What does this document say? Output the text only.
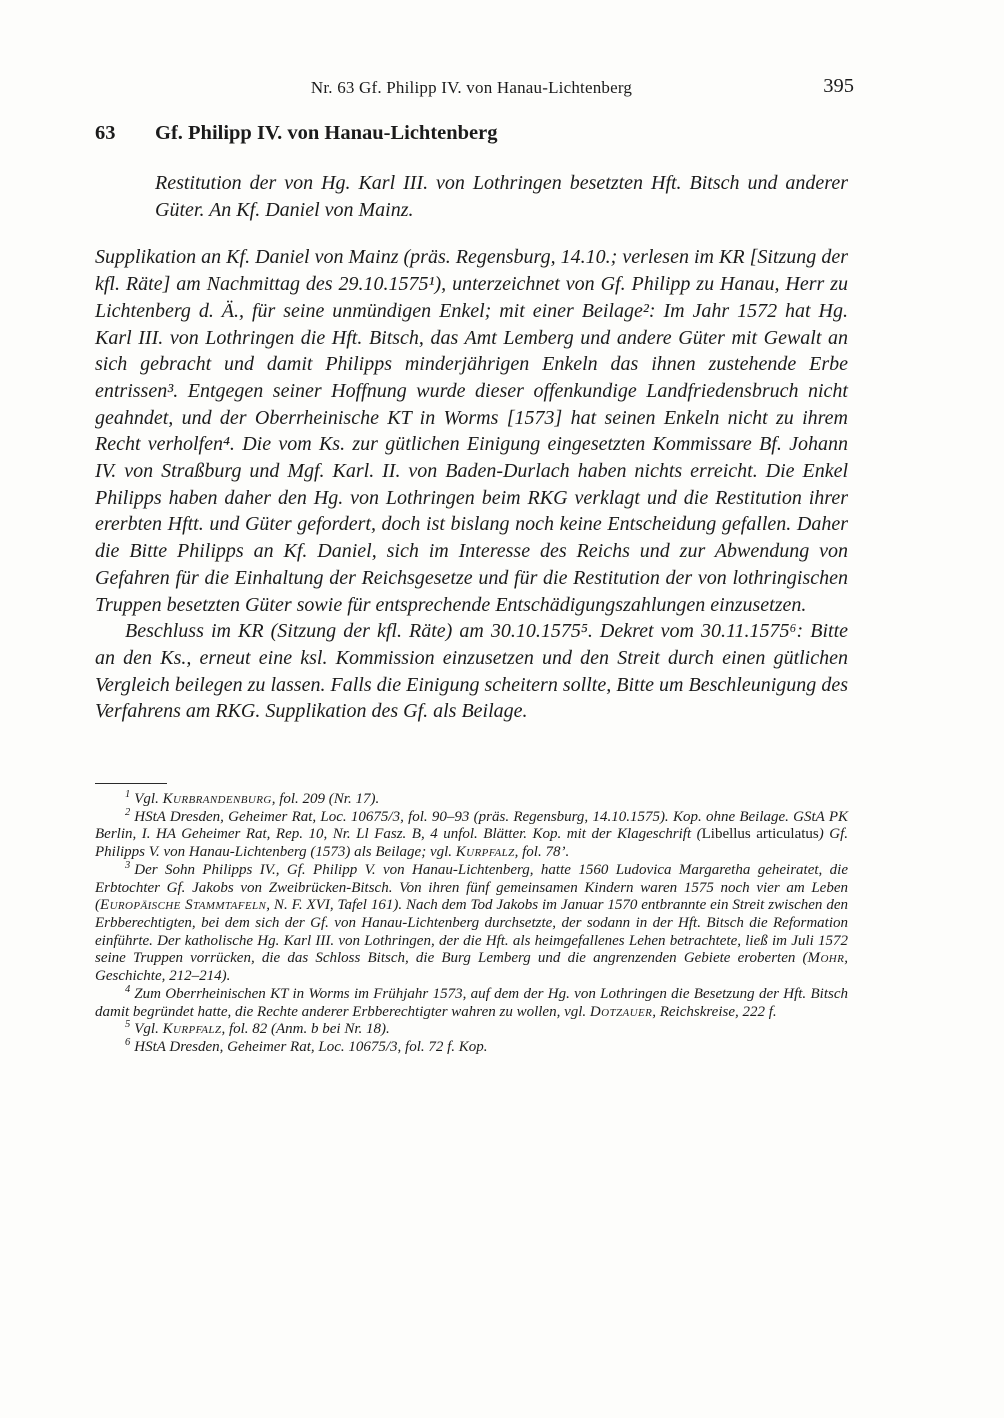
Nr. 63 Gf. Philipp IV. von Hanau-Lichtenberg	395
63	Gf. Philipp IV. von Hanau-Lichtenberg

Restitution der von Hg. Karl III. von Lothringen besetzten Hft. Bitsch und anderer Güter. An Kf. Daniel von Mainz.

Supplikation an Kf. Daniel von Mainz (präs. Regensburg, 14.10.; verlesen im KR [Sitzung der kfl. Räte] am Nachmittag des 29.10.1575¹), unterzeichnet von Gf. Philipp zu Hanau, Herr zu Lichtenberg d. Ä., für seine unmündigen Enkel; mit einer Beilage²: Im Jahr 1572 hat Hg. Karl III. von Lothringen die Hft. Bitsch, das Amt Lemberg und andere Güter mit Gewalt an sich gebracht und damit Philipps minderjährigen Enkeln das ihnen zustehende Erbe entrissen³. Entgegen seiner Hoffnung wurde dieser offenkundige Landfriedensbruch nicht geahndet, und der Oberrheinische KT in Worms [1573] hat seinen Enkeln nicht zu ihrem Recht verholfen⁴. Die vom Ks. zur gütlichen Einigung eingesetzten Kommissare Bf. Johann IV. von Straßburg und Mgf. Karl. II. von Baden-Durlach haben nichts erreicht. Die Enkel Philipps haben daher den Hg. von Lothringen beim RKG verklagt und die Restitution ihrer ererbten Hftt. und Güter gefordert, doch ist bislang noch keine Entscheidung gefallen. Daher die Bitte Philipps an Kf. Daniel, sich im Interesse des Reichs und zur Abwendung von Gefahren für die Einhaltung der Reichsgesetze und für die Restitution der von lothringischen Truppen besetzten Güter sowie für entsprechende Entschädigungszahlungen einzusetzen.

Beschluss im KR (Sitzung der kfl. Räte) am 30.10.1575⁵. Dekret vom 30.11.1575⁶: Bitte an den Ks., erneut eine ksl. Kommission einzusetzen und den Streit durch einen gütlichen Vergleich beilegen zu lassen. Falls die Einigung scheitern sollte, Bitte um Beschleunigung des Verfahrens am RKG. Supplikation des Gf. als Beilage.

$^1$ Vgl. Kurbrandenburg, fol. 209 (Nr. 17).

$^2$ HStA Dresden, Geheimer Rat, Loc. 10675/3, fol. 90–93 (präs. Regensburg, 14.10.1575). Kop. ohne Beilage. GStA PK Berlin, I. HA Geheimer Rat, Rep. 10, Nr. Ll Fasz. B, 4 unfol. Blätter. Kop. mit der Klageschrift (Libellus articulatus) Gf. Philipps V. von Hanau-Lichtenberg (1573) als Beilage; vgl. Kurpfalz, fol. 78’.

$^3$ Der Sohn Philipps IV., Gf. Philipp V. von Hanau-Lichtenberg, hatte 1560 Ludovica Margaretha geheiratet, die Erbtochter Gf. Jakobs von Zweibrücken-Bitsch. Von ihren fünf gemeinsamen Kindern waren 1575 noch vier am Leben (Europäische Stammtafeln, N. F. XVI, Tafel 161). Nach dem Tod Jakobs im Januar 1570 entbrannte ein Streit zwischen den Erbberechtigten, bei dem sich der Gf. von Hanau-Lichtenberg durchsetzte, der sodann in der Hft. Bitsch die Reformation einführte. Der katholische Hg. Karl III. von Lothringen, der die Hft. als heimgefallenes Lehen betrachtete, ließ im Juli 1572 seine Truppen vorrücken, die das Schloss Bitsch, die Burg Lemberg und die angrenzenden Gebiete eroberten (Mohr, Geschichte, 212–214).

$^4$ Zum Oberrheinischen KT in Worms im Frühjahr 1573, auf dem der Hg. von Lothringen die Besetzung der Hft. Bitsch damit begründet hatte, die Rechte anderer Erbberechtigter wahren zu wollen, vgl. Dotzauer, Reichskreise, 222 f.

$^5$ Vgl. Kurpfalz, fol. 82 (Anm. b bei Nr. 18).

$^6$ HStA Dresden, Geheimer Rat, Loc. 10675/3, fol. 72 f. Kop.
